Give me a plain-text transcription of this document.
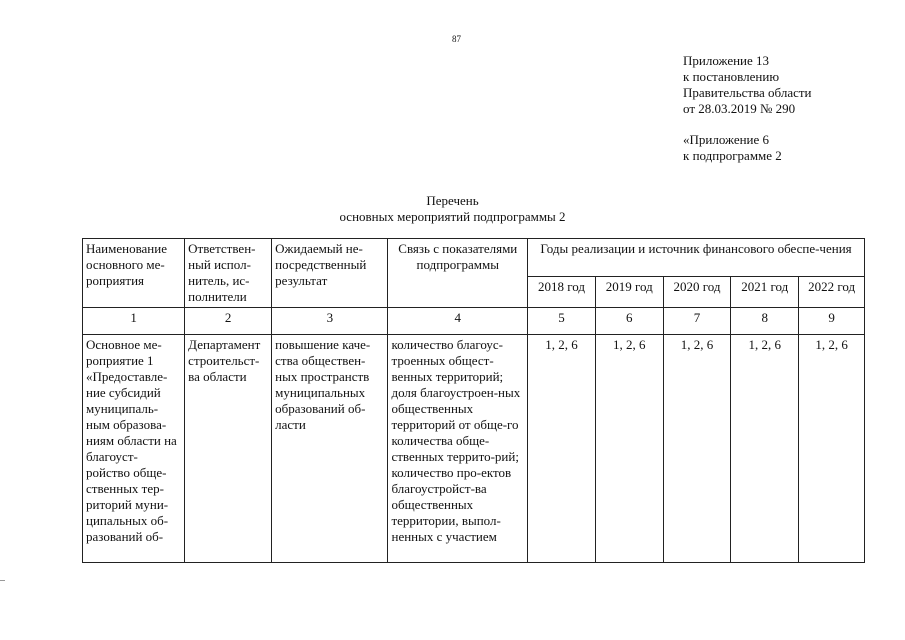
87
Приложение 13
к постановлению
Правительства области
от 28.03.2019 № 290
«Приложение 6
к подпрограмме 2
Перечень
основных мероприятий подпрограммы 2
Наименование основного ме-роприятия	Ответствен-ный испол-нитель, ис-полнители	Ожидаемый не-посредственный результат	Связь с показателями подпрограммы	Годы реализации и источник финансового обеспе-чения				
				2018 год	2019 год	2020 год	2021 год	2022 год
1	2	3	4	5	6	7	8	9
Основное ме-роприятие 1 «Предоставле-ние субсидий муниципаль-ным образова-ниям области на благоуст-ройство обще-ственных тер-риторий муни-ципальных об-разований об-	Департамент строительст-ва области	повышение каче-ства обществен-ных пространств муниципальных образований об-ласти	количество благоус-троенных общест-венных территорий; доля благоустроен-ных общественных территорий от обще-го количества обще-ственных террито-рий; количество про-ектов благоустройст-ва общественных территории, выпол-ненных с участием	1, 2, 6	1, 2, 6	1, 2, 6	1, 2, 6	1, 2, 6
